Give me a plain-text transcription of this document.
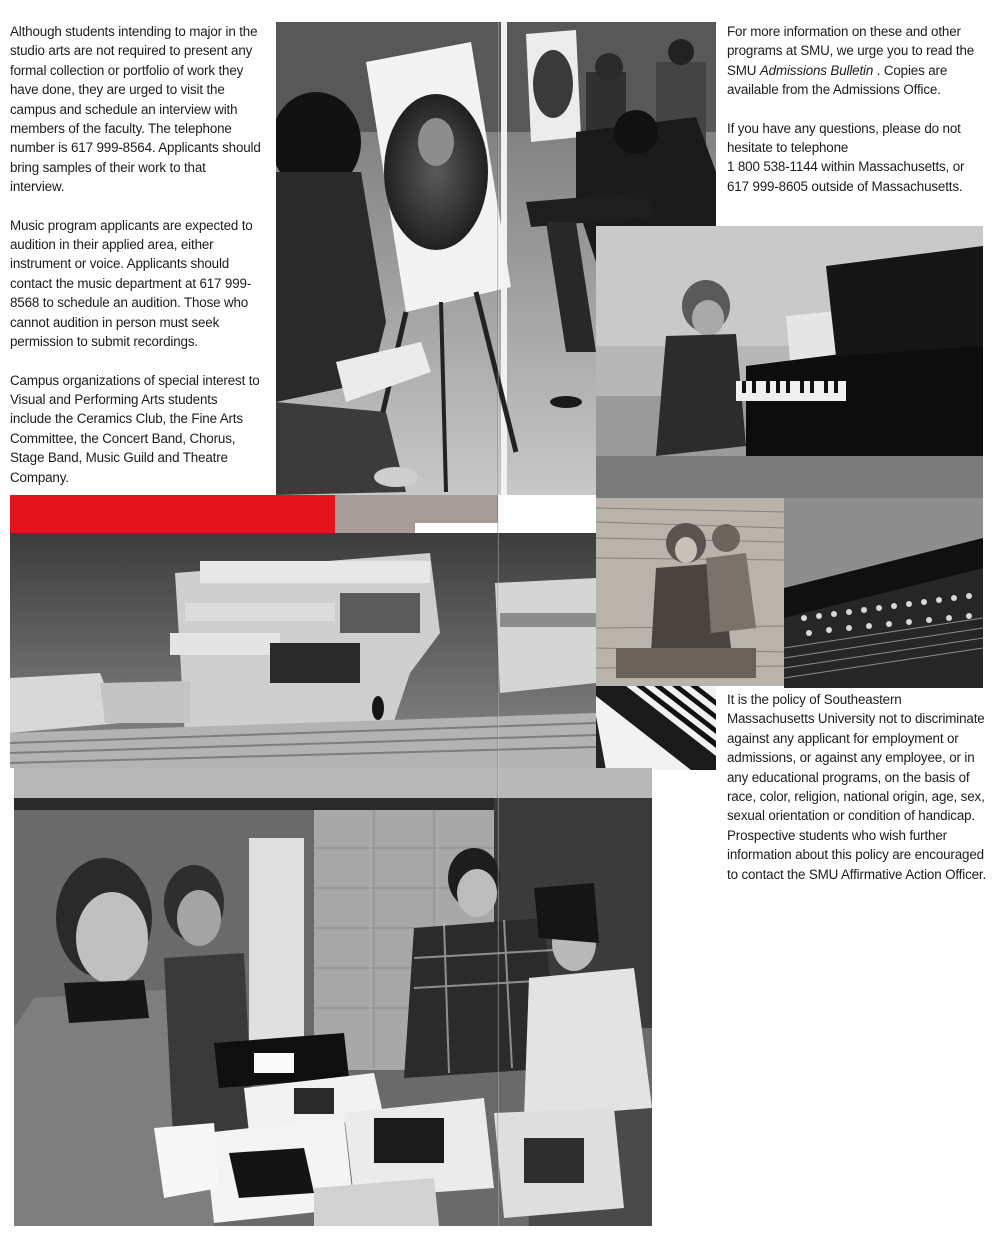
Although students intending to major in the studio arts are not required to present any formal collection or portfolio of work they have done, they are urged to visit the campus and schedule an interview with members of the faculty. The telephone number is 617 999-8564. Applicants should bring samples of their work to that interview.

Music program applicants are expected to audition in their applied area, either instrument or voice. Applicants should contact the music department at 617 999-8568 to schedule an audition. Those who cannot audition in person must seek permission to submit recordings.

Campus organizations of special interest to Visual and Performing Arts students include the Ceramics Club, the Fine Arts Committee, the Concert Band, Chorus, Stage Band, Music Guild and Theatre Company.

For more information on these and other programs at SMU, we urge you to read the SMU Admissions Bulletin . Copies are available from the Admissions Office.

If you have any questions, please do not hesitate to telephone
1 800 538-1144 within Massachusetts, or
617 999-8605 outside of Massachusetts.

It is the policy of Southeastern Massachusetts University not to discriminate against any applicant for employment or admissions, or against any employee, or in any educational programs, on the basis of race, color, religion, national origin, age, sex, sexual orientation or condition of handicap. Prospective students who wish further information about this policy are encouraged to contact the SMU Affirmative Action Officer.
